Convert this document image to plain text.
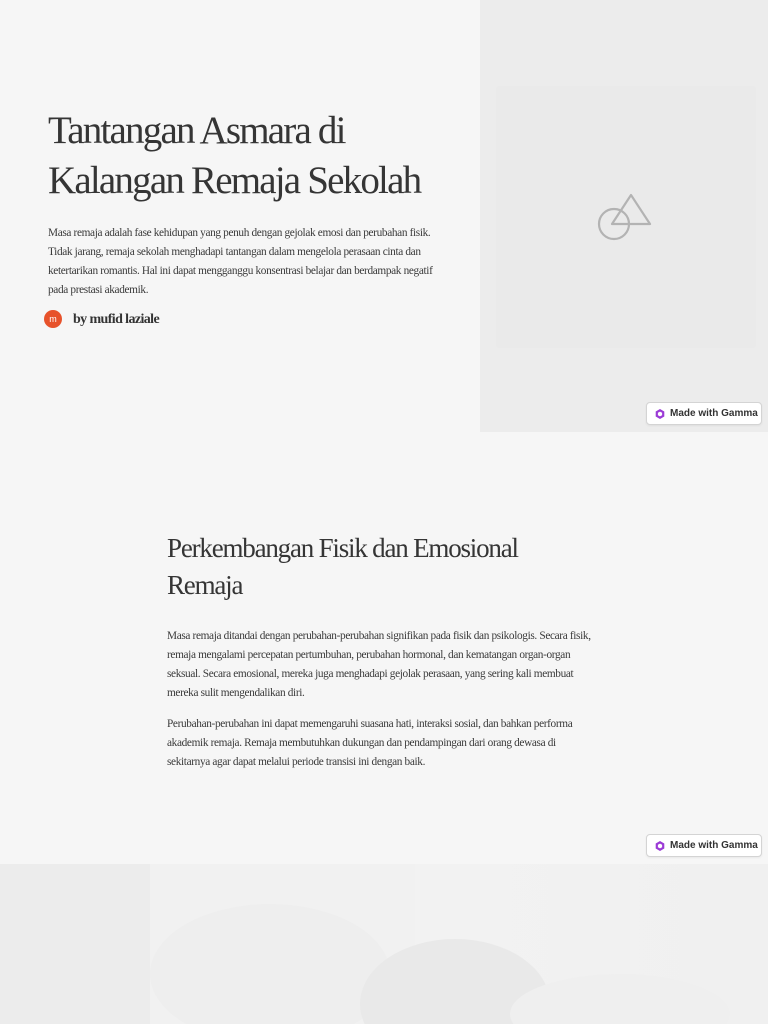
Tantangan Asmara di Kalangan Remaja Sekolah

Masa remaja adalah fase kehidupan yang penuh dengan gejolak emosi dan perubahan fisik. Tidak jarang, remaja sekolah menghadapi tantangan dalam mengelola perasaan cinta dan ketertarikan romantis. Hal ini dapat mengganggu konsentrasi belajar dan berdampak negatif pada prestasi akademik.

m	by mufid laziale
Made with Gamma
Perkembangan Fisik dan Emosional Remaja

Masa remaja ditandai dengan perubahan-perubahan signifikan pada fisik dan psikologis. Secara fisik, remaja mengalami percepatan pertumbuhan, perubahan hormonal, dan kematangan organ-organ seksual. Secara emosional, mereka juga menghadapi gejolak perasaan, yang sering kali membuat mereka sulit mengendalikan diri.

Perubahan-perubahan ini dapat memengaruhi suasana hati, interaksi sosial, dan bahkan performa akademik remaja. Remaja membutuhkan dukungan dan pendampingan dari orang dewasa di sekitarnya agar dapat melalui periode transisi ini dengan baik.

Made with Gamma
